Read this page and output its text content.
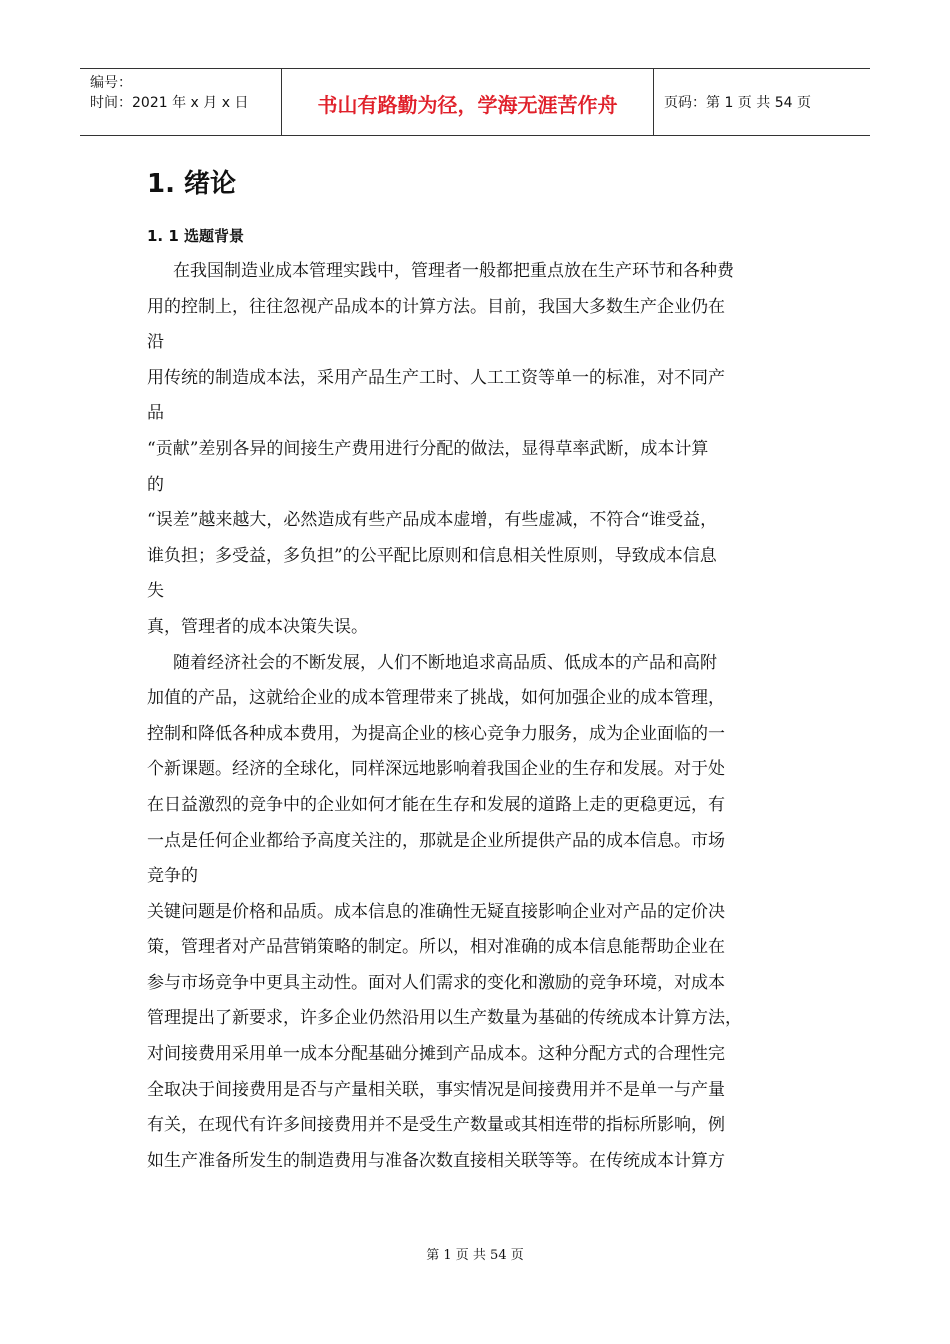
编号：
时间：2021 年 x 月 x 日	书山有路勤为径，学海无涯苦作舟	页码：第 1 页 共 54 页
1. 绪论
1. 1 选题背景
在我国制造业成本管理实践中，管理者一般都把重点放在生产环节和各种费
用的控制上，往往忽视产品成本的计算方法。目前，我国大多数生产企业仍在
沿
用传统的制造成本法，采用产品生产工时、人工工资等单一的标准，对不同产
品
“贡献”差别各异的间接生产费用进行分配的做法，显得草率武断，成本计算
的
“误差”越来越大，必然造成有些产品成本虚增，有些虚减，不符合“谁受益，
谁负担；多受益，多负担”的公平配比原则和信息相关性原则，导致成本信息
失
真，管理者的成本决策失误。
随着经济社会的不断发展，人们不断地追求高品质、低成本的产品和高附
加值的产品，这就给企业的成本管理带来了挑战，如何加强企业的成本管理，
控制和降低各种成本费用，为提高企业的核心竞争力服务，成为企业面临的一
个新课题。经济的全球化，同样深远地影响着我国企业的生存和发展。对于处
在日益激烈的竞争中的企业如何才能在生存和发展的道路上走的更稳更远，有
一点是任何企业都给予高度关注的，那就是企业所提供产品的成本信息。市场
竞争的
关键问题是价格和品质。成本信息的准确性无疑直接影响企业对产品的定价决
策，管理者对产品营销策略的制定。所以，相对准确的成本信息能帮助企业在
参与市场竞争中更具主动性。面对人们需求的变化和激励的竞争环境，对成本
管理提出了新要求，许多企业仍然沿用以生产数量为基础的传统成本计算方法，
对间接费用采用单一成本分配基础分摊到产品成本。这种分配方式的合理性完
全取决于间接费用是否与产量相关联，事实情况是间接费用并不是单一与产量
有关，在现代有许多间接费用并不是受生产数量或其相连带的指标所影响，例
如生产准备所发生的制造费用与准备次数直接相关联等等。在传统成本计算方
第 1 页 共 54 页
